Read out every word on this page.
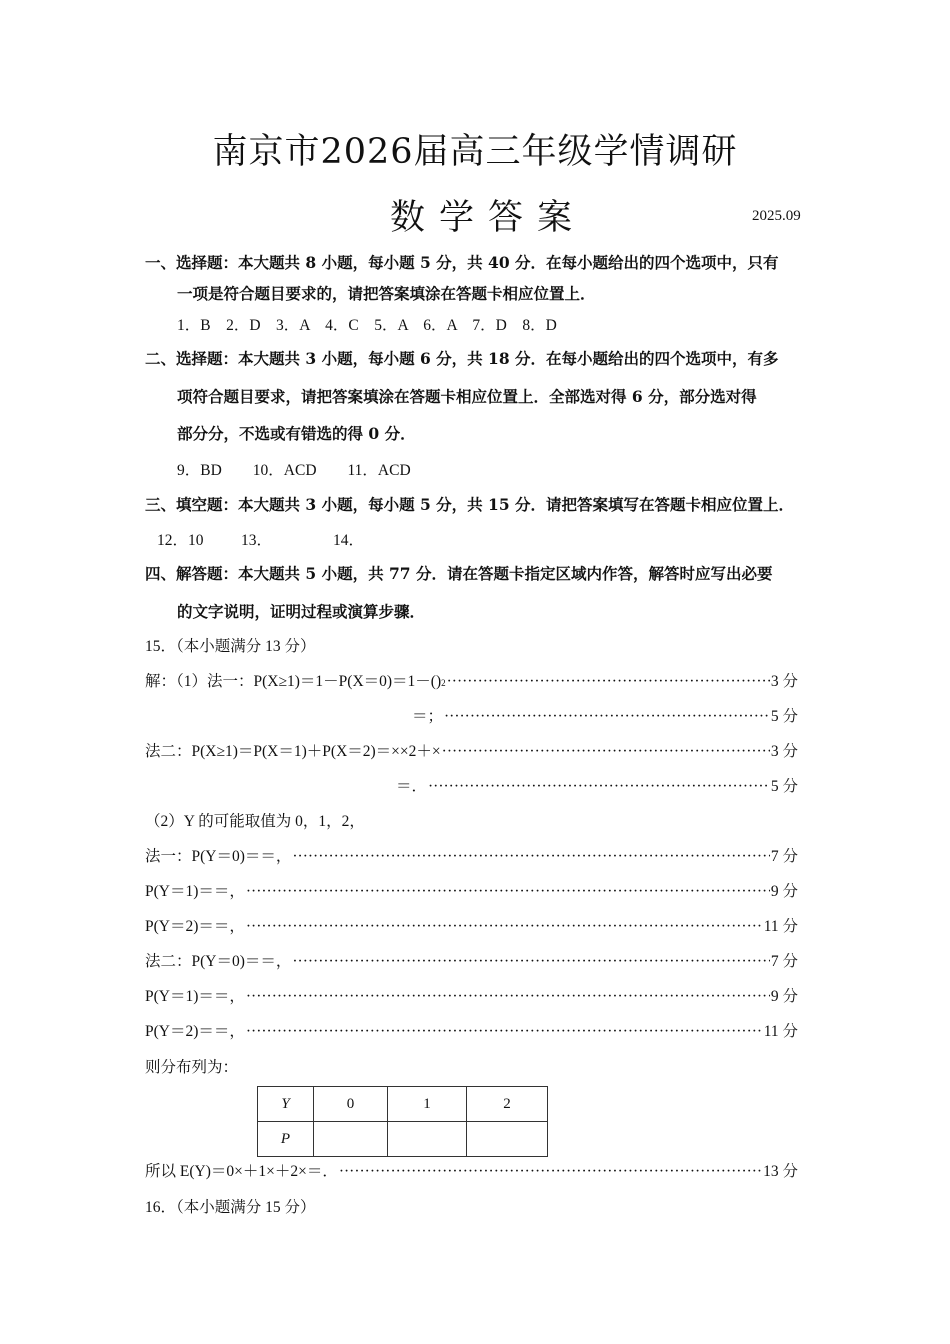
南京市2026届高三年级学情调研
数学答案	2025.09
一、选择题：本大题共 8 小题，每小题 5 分，共 40 分．在每小题给出的四个选项中，只有
一项是符合题目要求的，请把答案填涂在答题卡相应位置上．
1．B　2．D　3．A　4．C　5．A　6．A　7．D　8．D
二、选择题：本大题共 3 小题，每小题 6 分，共 18 分．在每小题给出的四个选项中，有多
项符合题目要求，请把答案填涂在答题卡相应位置上．全部选对得 6 分，部分选对得
部分分，不选或有错选的得 0 分．
9．BD　　10．ACD　　11．ACD
三、填空题：本大题共 3 小题，每小题 5 分，共 15 分．请把答案填写在答题卡相应位置上．
12．10 13．	14．
四、解答题：本大题共 5 小题，共 77 分．请在答题卡指定区域内作答，解答时应写出必要
的文字说明，证明过程或演算步骤．
15．（本小题满分 13 分）
解：（1）法一： P(X≥1)＝1－P(X＝0)＝1－() 2 ·····	3 分
＝； ·····	5 分
法二：P(X≥1)＝P(X＝1)＋P(X＝2)＝××2＋× ·····	3 分
＝． ·····	5 分
（2）Y 的可能取值为 0，1，2，
法一：P(Y＝0)＝＝， ·····	7 分
P(Y＝1)＝＝， ·····	9 分
P(Y＝2)＝＝， ·····	11 分
法二：P(Y＝0)＝＝， ·····	7 分
P(Y＝1)＝＝， ·····	9 分
P(Y＝2)＝＝， ·····	11 分
则分布列为：
Y	0	1	2
P			
所以 E(Y)＝0×＋1×＋2×＝． ·····	13 分
16．（本小题满分 15 分）
